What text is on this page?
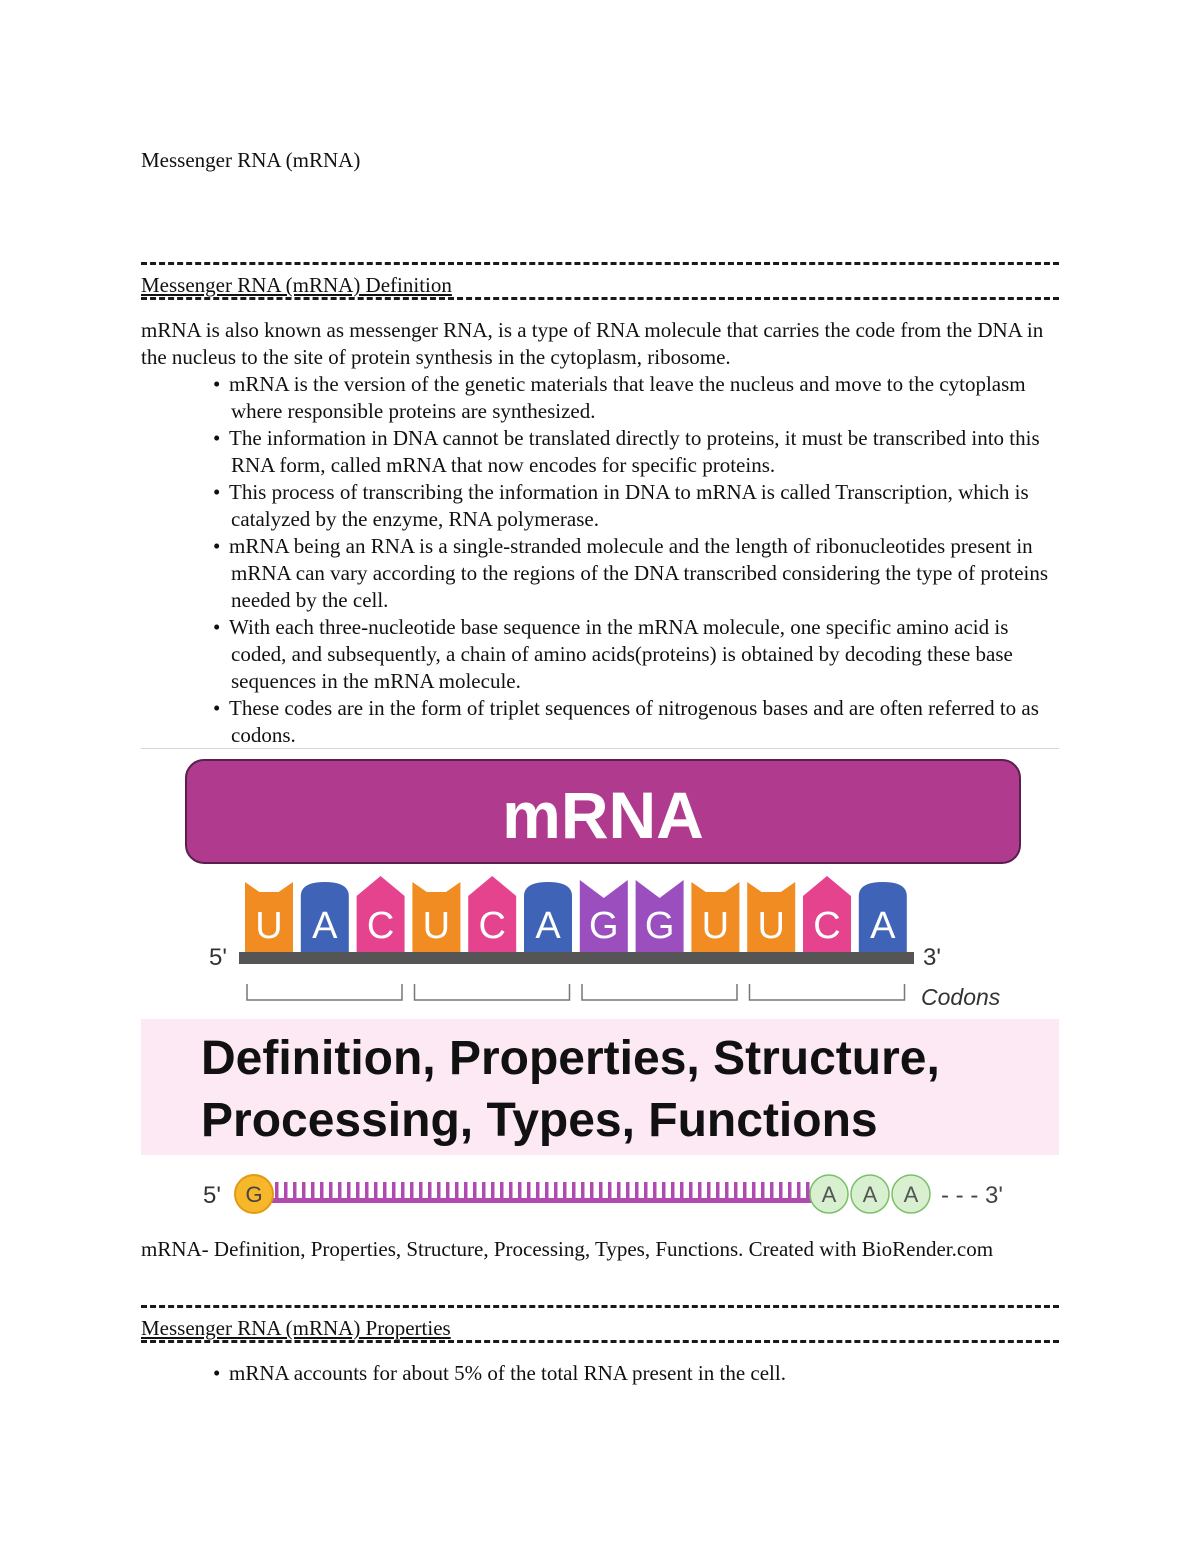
Messenger RNA (mRNA)
Messenger RNA (mRNA) Definition

mRNA is also known as messenger RNA, is a type of RNA molecule that carries the code from the DNA in the nucleus to the site of protein synthesis in the cytoplasm, ribosome.

• mRNA is the version of the genetic materials that leave the nucleus and move to the cytoplasm where responsible proteins are synthesized.
• The information in DNA cannot be translated directly to proteins, it must be transcribed into this RNA form, called mRNA that now encodes for specific proteins.
• This process of transcribing the information in DNA to mRNA is called Transcription, which is catalyzed by the enzyme, RNA polymerase.
• mRNA being an RNA is a single-stranded molecule and the length of ribonucleotides present in mRNA can vary according to the regions of the DNA transcribed considering the type of proteins needed by the cell.
• With each three-nucleotide base sequence in the mRNA molecule, one specific amino acid is coded, and subsequently, a chain of amino acids(proteins) is obtained by decoding these base sequences in the mRNA molecule.
• These codes are in the form of triplet sequences of nitrogenous bases and are often referred to as codons.
mRNA
U A C U C A G G U U C A
5'	3'
Codons
Definition, Properties, Structure,
Processing, Types, Functions
5' G	A A A - - - 3'

mRNA- Definition, Properties, Structure, Processing, Types, Functions. Created with BioRender.com

Messenger RNA (mRNA) Properties
• mRNA accounts for about 5% of the total RNA present in the cell.
